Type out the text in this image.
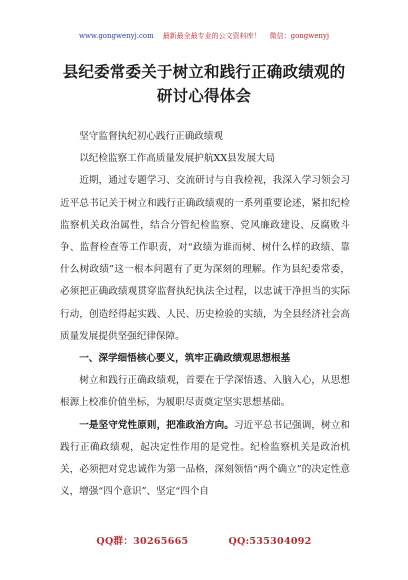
www.gongwenyj.com 最新最全最专业的公文资料库！ 微信：gongwenyj
县纪委常委关于树立和践行正确政绩观的
研讨心得体会

坚守监督执纪初心践行正确政绩观

以纪检监察工作高质量发展护航XX县发展大局

近期，通过专题学习、交流研讨与自我检视，我深入学习领会习近平总书记关于树立和践行正确政绩观的一系列重要论述，紧扣纪检监察机关政治属性，结合分管纪检监察、党风廉政建设、反腐败斗争、监督检查等工作职责，对“政绩为谁而树、树什么样的政绩、靠什么树政绩”这一根本问题有了更为深刻的理解。作为县纪委常委，必须把正确政绩观贯穿监督执纪执法全过程，以忠诚干净担当的实际行动，创造经得起实践、人民、历史检验的实绩，为全县经济社会高质量发展提供坚强纪律保障。

一、深学细悟核心要义，筑牢正确政绩观思想根基

树立和践行正确政绩观，首要在于学深悟透、入脑入心，从思想根源上校准价值坐标，为履职尽责奠定坚实思想基础。

一是坚守党性原则，把准政治方向。习近平总书记强调，树立和践行正确政绩观，起决定性作用的是党性。纪检监察机关是政治机关，必须把对党忠诚作为第一品格，深刻领悟“两个确立”的决定性意义，增强“四个意识”、坚定“四个自

QQ群：30265665	QQ:535304092
